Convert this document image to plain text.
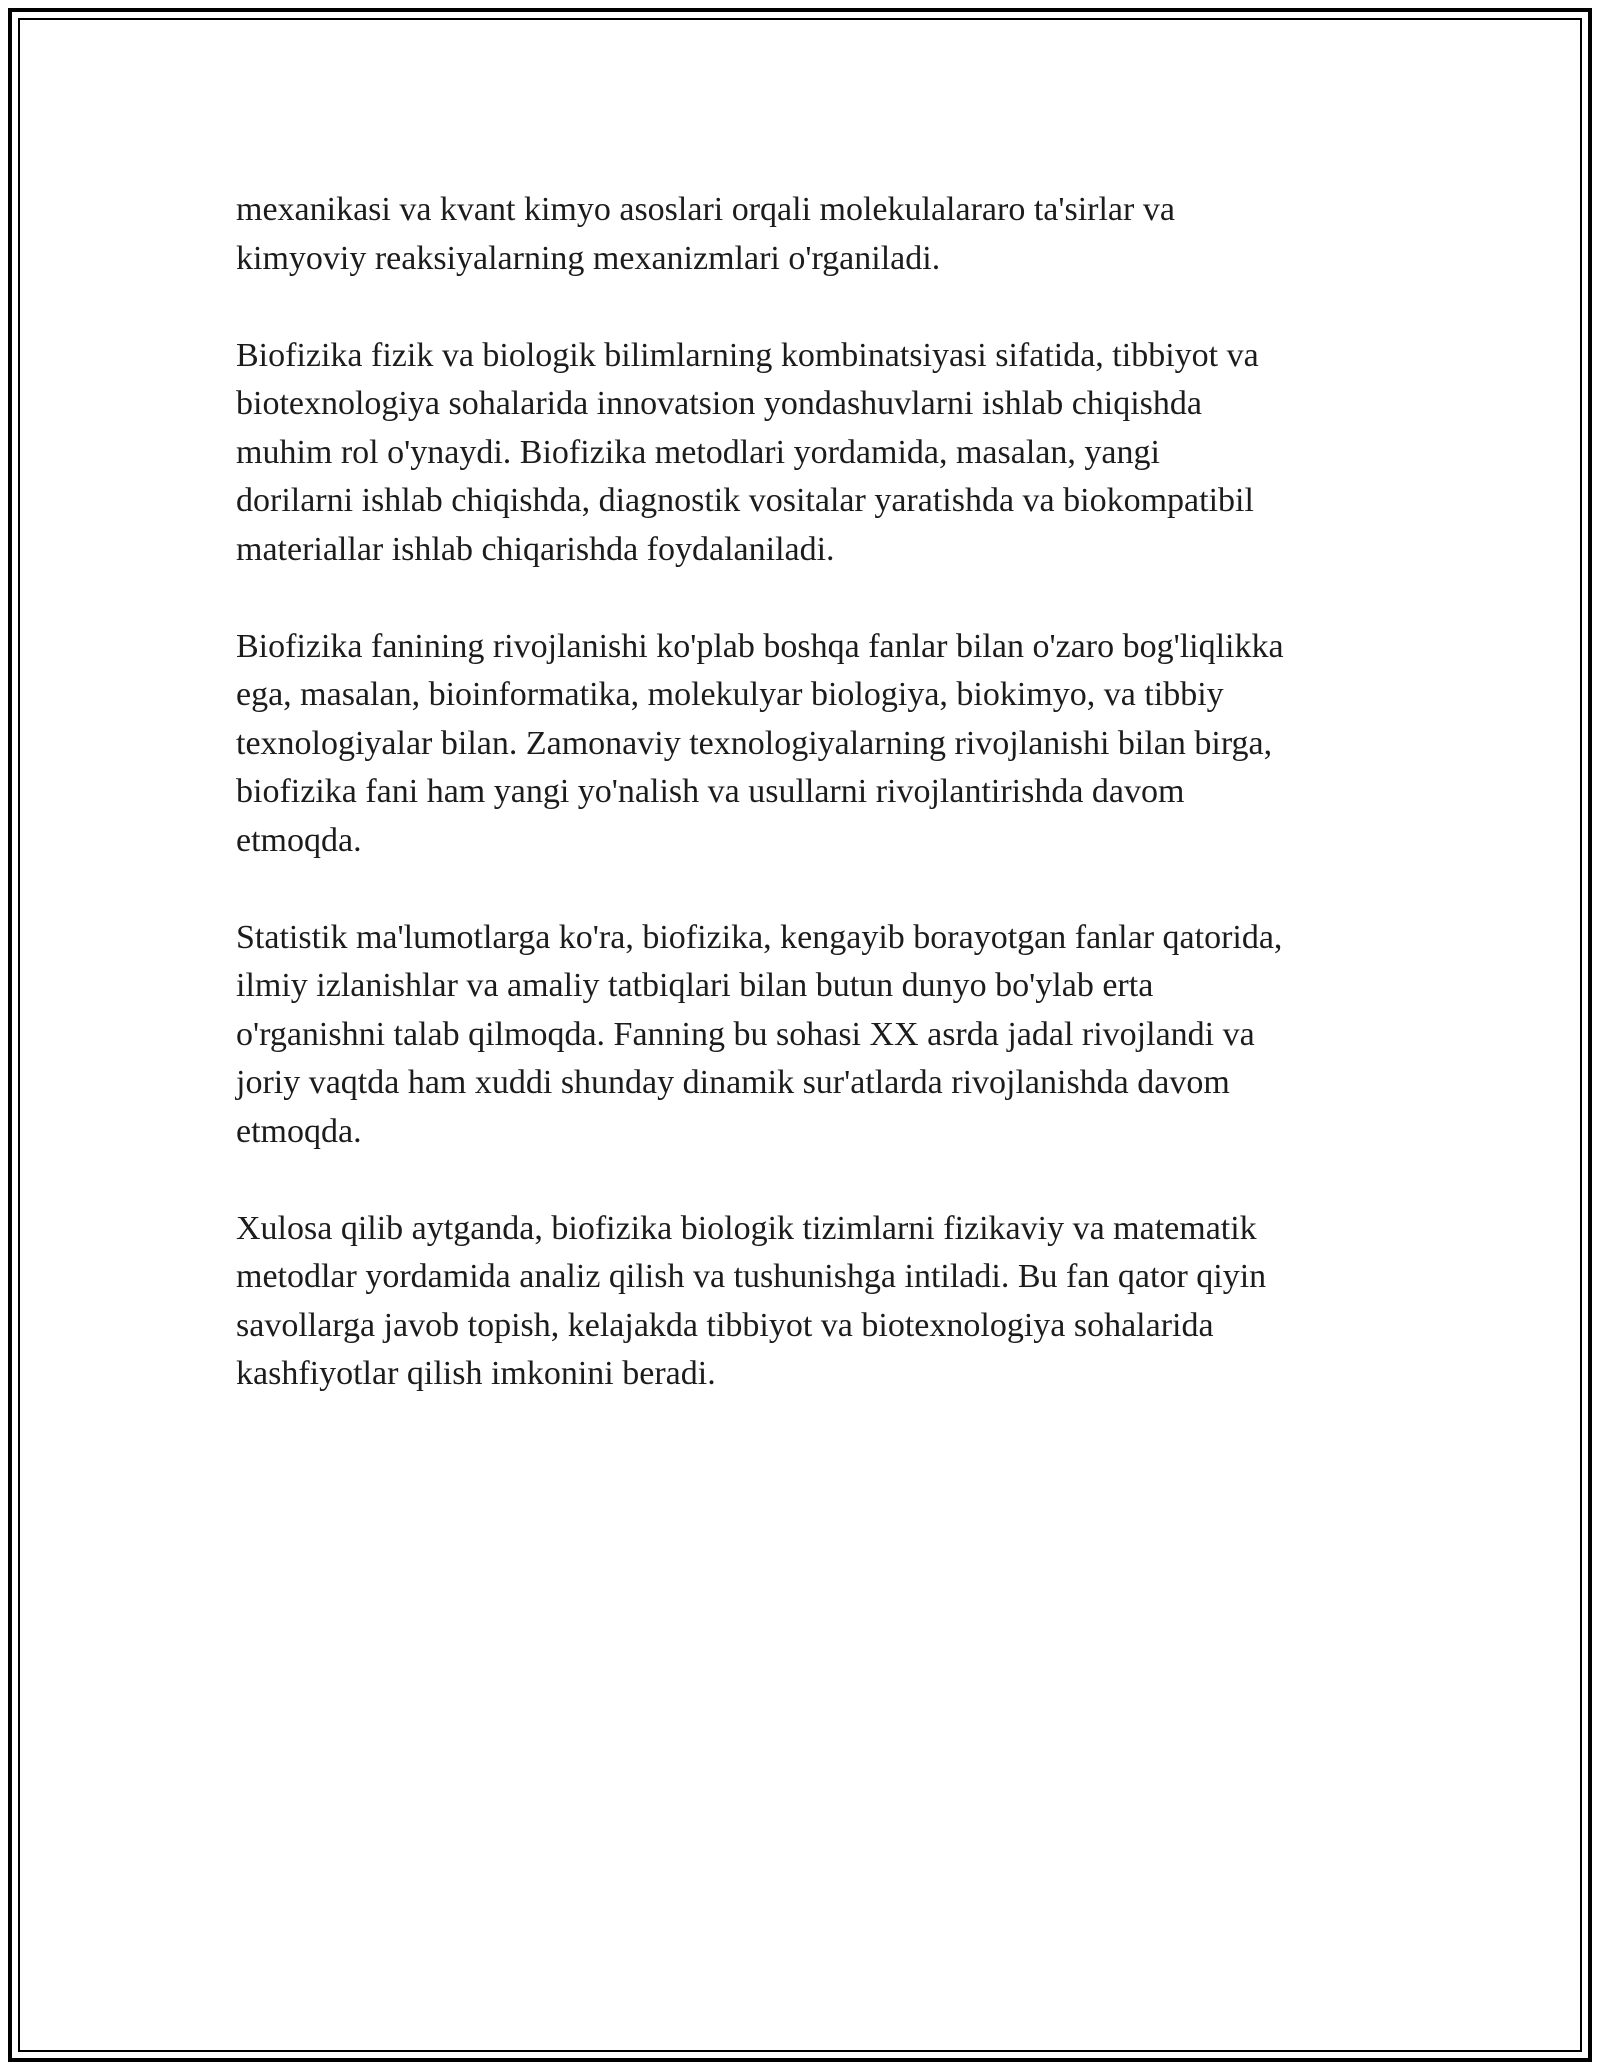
mexanikasi va kvant kimyo asoslari orqali molekulalararo ta'sirlar va
kimyoviy reaksiyalarning mexanizmlari o'rganiladi.

Biofizika fizik va biologik bilimlarning kombinatsiyasi sifatida, tibbiyot va
biotexnologiya sohalarida innovatsion yondashuvlarni ishlab chiqishda
muhim rol o'ynaydi. Biofizika metodlari yordamida, masalan, yangi
dorilarni ishlab chiqishda, diagnostik vositalar yaratishda va biokompatibil
materiallar ishlab chiqarishda foydalaniladi.

Biofizika fanining rivojlanishi ko'plab boshqa fanlar bilan o'zaro bog'liqlikka
ega, masalan, bioinformatika, molekulyar biologiya, biokimyo, va tibbiy
texnologiyalar bilan. Zamonaviy texnologiyalarning rivojlanishi bilan birga,
biofizika fani ham yangi yo'nalish va usullarni rivojlantirishda davom
etmoqda.

Statistik ma'lumotlarga ko'ra, biofizika, kengayib borayotgan fanlar qatorida,
ilmiy izlanishlar va amaliy tatbiqlari bilan butun dunyo bo'ylab erta
o'rganishni talab qilmoqda. Fanning bu sohasi XX asrda jadal rivojlandi va
joriy vaqtda ham xuddi shunday dinamik sur'atlarda rivojlanishda davom
etmoqda.

Xulosa qilib aytganda, biofizika biologik tizimlarni fizikaviy va matematik
metodlar yordamida analiz qilish va tushunishga intiladi. Bu fan qator qiyin
savollarga javob topish, kelajakda tibbiyot va biotexnologiya sohalarida
kashfiyotlar qilish imkonini beradi.
